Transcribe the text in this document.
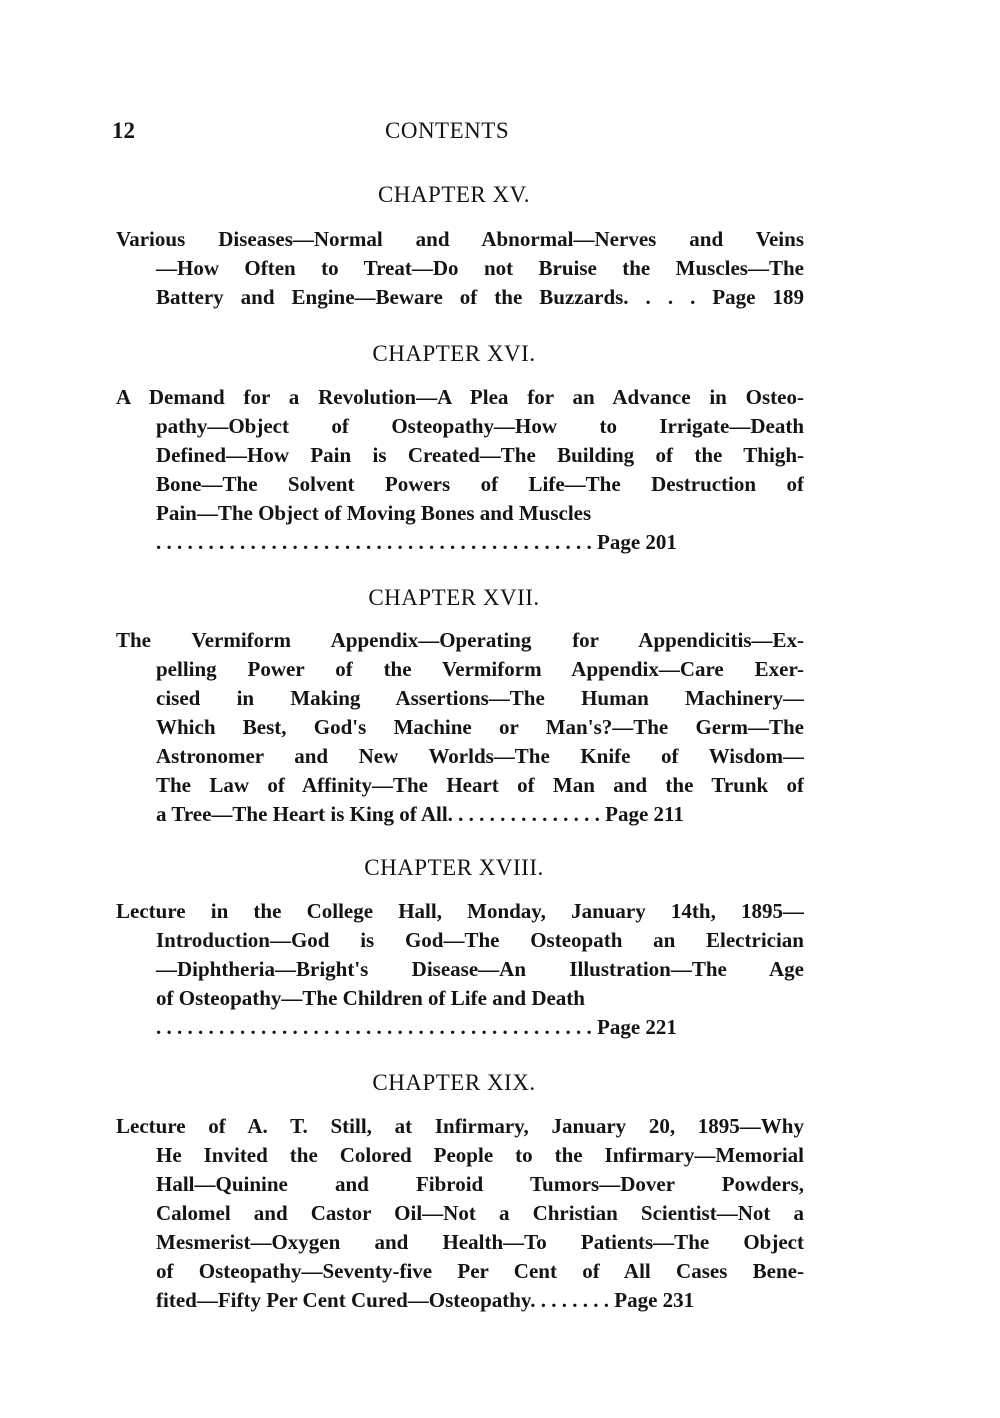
12	CONTENTS
CHAPTER XV.
Various Diseases—Normal and Abnormal—Nerves and Veins
—How Often to Treat—Do not Bruise the Muscles—The
Battery and Engine—Beware of the Buzzards. . . . Page 189
CHAPTER XVI.
A Demand for a Revolution—A Plea for an Advance in Osteo-
pathy—Object of Osteopathy—How to Irrigate—Death
Defined—How Pain is Created—The Building of the Thigh-
Bone—The Solvent Powers of Life—The Destruction of
Pain—The Object of Moving Bones and Muscles
. . . . . . . . . . . . . . . . . . . . . . . . . . . . . . . . . . . . . . . . . . Page 201
CHAPTER XVII.
The Vermiform Appendix—Operating for Appendicitis—Ex-
pelling Power of the Vermiform Appendix—Care Exer-
cised in Making Assertions—The Human Machinery—
Which Best, God's Machine or Man's?—The Germ—The
Astronomer and New Worlds—The Knife of Wisdom—
The Law of Affinity—The Heart of Man and the Trunk of
a Tree—The Heart is King of All. . . . . . . . . . . . . . . Page 211
CHAPTER XVIII.
Lecture in the College Hall, Monday, January 14th, 1895—
Introduction—God is God—The Osteopath an Electrician
—Diphtheria—Bright's Disease—An Illustration—The Age
of Osteopathy—The Children of Life and Death
. . . . . . . . . . . . . . . . . . . . . . . . . . . . . . . . . . . . . . . . . . Page 221
CHAPTER XIX.
Lecture of A. T. Still, at Infirmary, January 20, 1895—Why
He Invited the Colored People to the Infirmary—Memorial
Hall—Quinine and Fibroid Tumors—Dover Powders,
Calomel and Castor Oil—Not a Christian Scientist—Not a
Mesmerist—Oxygen and Health—To Patients—The Object
of Osteopathy—Seventy-five Per Cent of All Cases Bene-
fited—Fifty Per Cent Cured—Osteopathy. . . . . . . . Page 231
